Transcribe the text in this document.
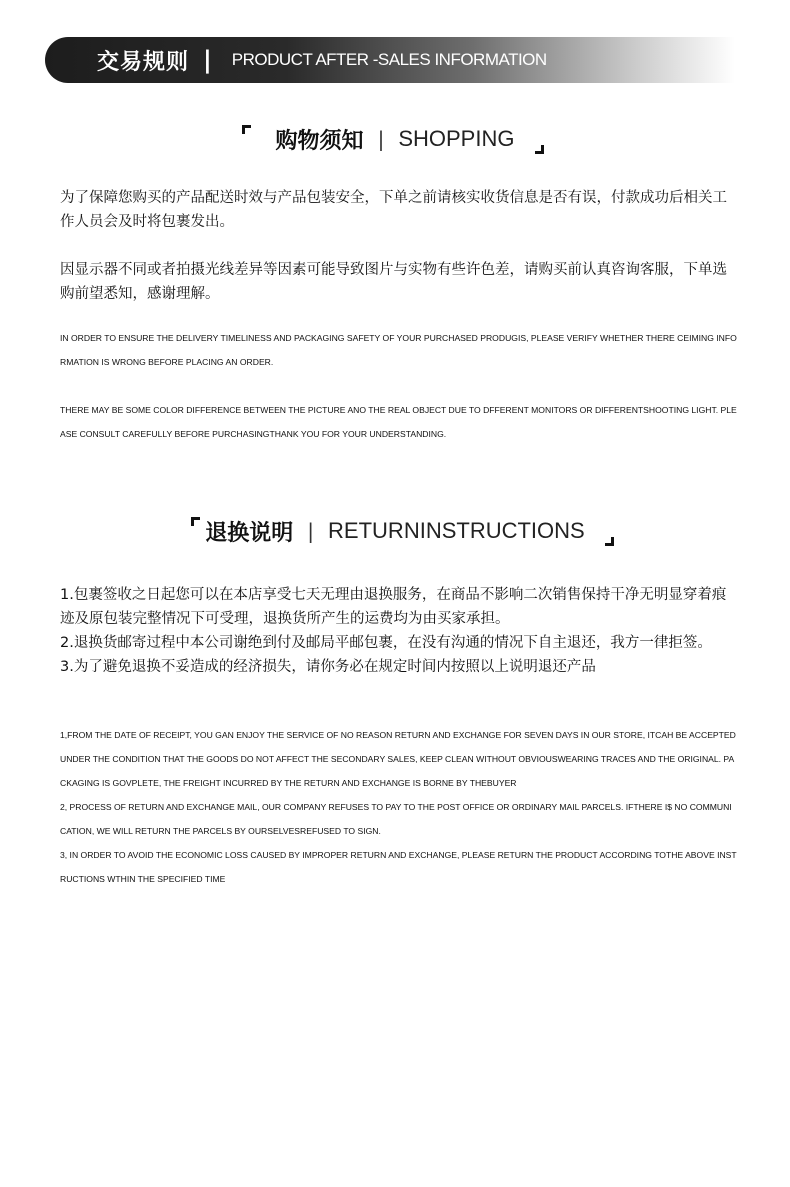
交易规则 | PRODUCT AFTER -SALES INFORMATION
购物须知 | SHOPPING

为了保障您购买的产品配送时效与产品包装安全，下单之前请核实收货信息是否有误，付款成功后相关工作人员会及时将包裹发出。

因显示器不同或者拍摄光线差异等因素可能导致图片与实物有些许色差，请购买前认真咨询客服，下单选购前望悉知，感谢理解。

IN ORDER TO ENSURE THE DELIVERY TIMELINESS AND PACKAGING SAFETY OF YOUR PURCHASED PRODUGIS, PLEASE VERIFY WHETHER THERE CEIMING INFORMATION IS WRONG BEFORE PLACING AN ORDER.

THERE MAY BE SOME COLOR DIFFERENCE BETWEEN THE PICTURE ANO THE REAL OBJECT DUE TO DFFERENT MONITORS OR DIFFERENTSHOOTING LIGHT. PLEASE CONSULT CAREFULLY BEFORE PURCHASINGTHANK YOU FOR YOUR UNDERSTANDING.

退换说明 | RETURNINSTRUCTIONS

1.包裹签收之日起您可以在本店享受七天无理由退换服务，在商品不影响二次销售保持干净无明显穿着痕迹及原包装完整情况下可受理，退换货所产生的运费均为由买家承担。
2.退换货邮寄过程中本公司谢绝到付及邮局平邮包裹，在没有沟通的情况下自主退还，我方一律拒签。
3.为了避免退换不妥造成的经济损失，请你务必在规定时间内按照以上说明退还产品

1,FROM THE DATE OF RECEIPT, YOU GAN ENJOY THE SERVICE OF NO REASON RETURN AND EXCHANGE FOR SEVEN DAYS IN OUR STORE, ITCAH BE ACCEPTED UNDER THE CONDITION THAT THE GOODS DO NOT AFFECT THE SECONDARY SALES, KEEP CLEAN WITHOUT OBVIOUSWEARING TRACES AND THE ORIGINAL. PACKAGING IS GOVPLETE, THE FREIGHT INCURRED BY THE RETURN AND EXCHANGE IS BORNE BY THEBUYER
2, PROCESS OF RETURN AND EXCHANGE MAIL, OUR COMPANY REFUSES TO PAY TO THE POST OFFICE OR ORDINARY MAIL PARCELS. IFTHERE I$ NO COMMUNI
CATION, WE WILL RETURN THE PARCELS BY OURSELVESREFUSED TO SIGN.
3, IN ORDER TO AVOID THE ECONOMIC LOSS CAUSED BY IMPROPER RETURN AND EXCHANGE, PLEASE RETURN THE PRODUCT ACCORDING TOTHE ABOVE INSTRUCTIONS WTHIN THE SPECIFIED TIME
